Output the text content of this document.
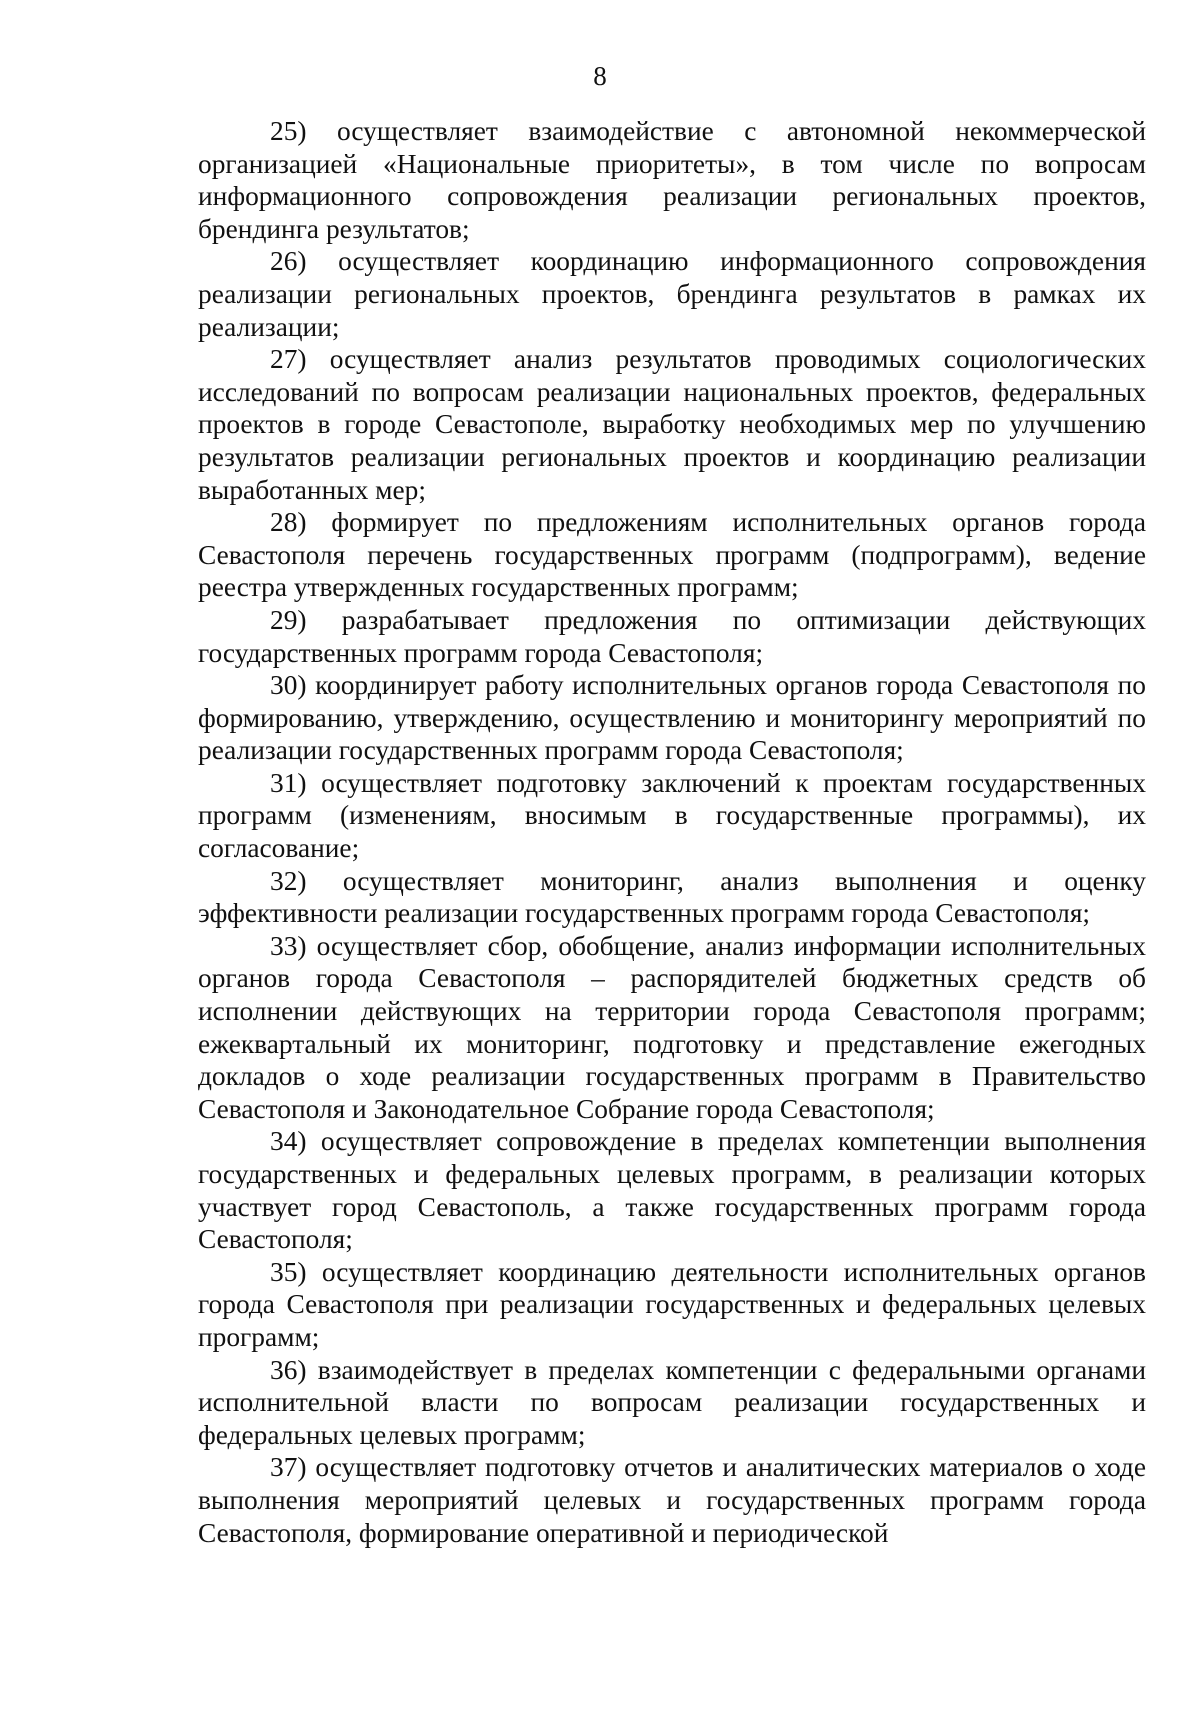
8

25) осуществляет взаимодействие с автономной некоммерческой организацией «Национальные приоритеты», в том числе по вопросам информационного сопровождения реализации региональных проектов, брендинга результатов;

26) осуществляет координацию информационного сопровождения реализации региональных проектов, брендинга результатов в рамках их реализации;

27) осуществляет анализ результатов проводимых социологических исследований по вопросам реализации национальных проектов, федеральных проектов в городе Севастополе, выработку необходимых мер по улучшению результатов реализации региональных проектов и координацию реализации выработанных мер;

28) формирует по предложениям исполнительных органов города Севастополя перечень государственных программ (подпрограмм), ведение реестра утвержденных государственных программ;

29) разрабатывает предложения по оптимизации действующих государственных программ города Севастополя;

30) координирует работу исполнительных органов города Севастополя по формированию, утверждению, осуществлению и мониторингу мероприятий по реализации государственных программ города Севастополя;

31) осуществляет подготовку заключений к проектам государственных программ (изменениям, вносимым в государственные программы), их согласование;

32) осуществляет мониторинг, анализ выполнения и оценку эффективности реализации государственных программ города Севастополя;

33) осуществляет сбор, обобщение, анализ информации исполнительных органов города Севастополя – распорядителей бюджетных средств об исполнении действующих на территории города Севастополя программ; ежеквартальный их мониторинг, подготовку и представление ежегодных докладов о ходе реализации государственных программ в Правительство Севастополя и Законодательное Собрание города Севастополя;

34) осуществляет сопровождение в пределах компетенции выполнения государственных и федеральных целевых программ, в реализации которых участвует город Севастополь, а также государственных программ города Севастополя;

35) осуществляет координацию деятельности исполнительных органов города Севастополя при реализации государственных и федеральных целевых программ;

36) взаимодействует в пределах компетенции с федеральными органами исполнительной власти по вопросам реализации государственных и федеральных целевых программ;

37) осуществляет подготовку отчетов и аналитических материалов о ходе выполнения мероприятий целевых и государственных программ города Севастополя, формирование оперативной и периодической
